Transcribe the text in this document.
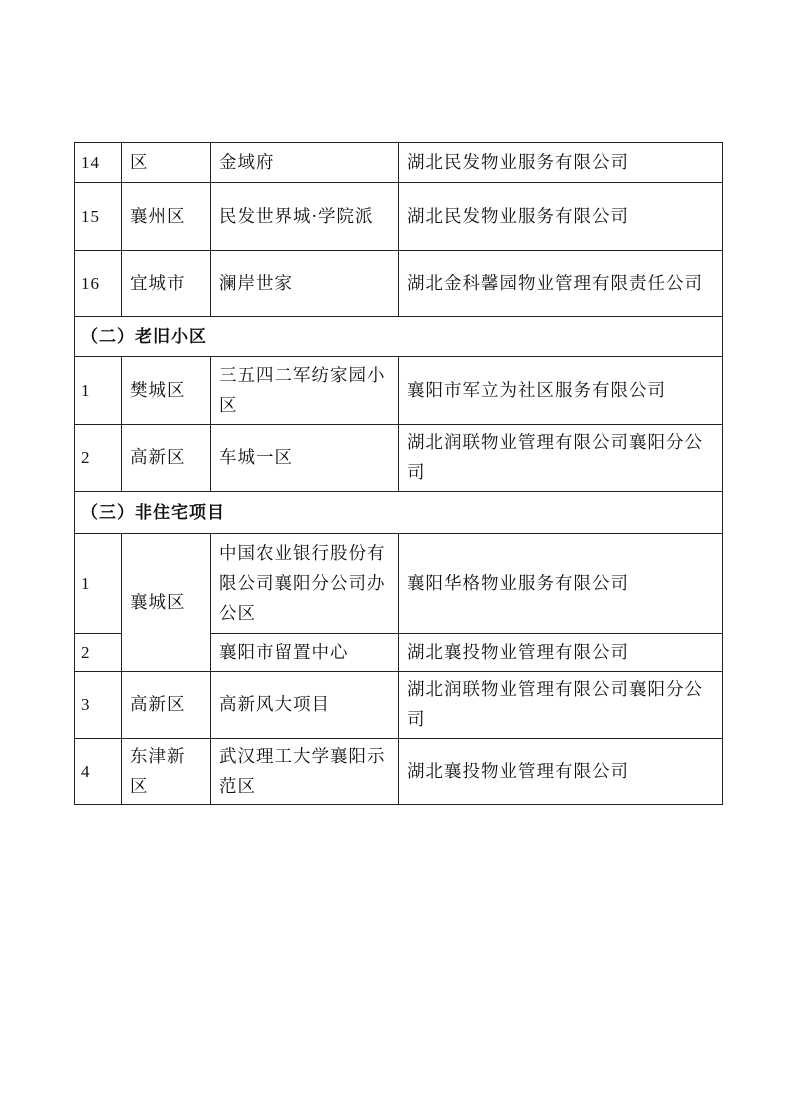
14	区	金域府	湖北民发物业服务有限公司
15	襄州区	民发世界城·学院派	湖北民发物业服务有限公司
16	宜城市	澜岸世家	湖北金科馨园物业管理有限责任公司
（二）老旧小区			
1	樊城区	三五四二军纺家园小区	襄阳市军立为社区服务有限公司
2	高新区	车城一区	湖北润联物业管理有限公司襄阳分公司
（三）非住宅项目			
1	襄城区	中国农业银行股份有限公司襄阳分公司办公区	襄阳华格物业服务有限公司
2		襄阳市留置中心	湖北襄投物业管理有限公司
3	高新区	高新风大项目	湖北润联物业管理有限公司襄阳分公司
4	东津新区	武汉理工大学襄阳示范区	湖北襄投物业管理有限公司
